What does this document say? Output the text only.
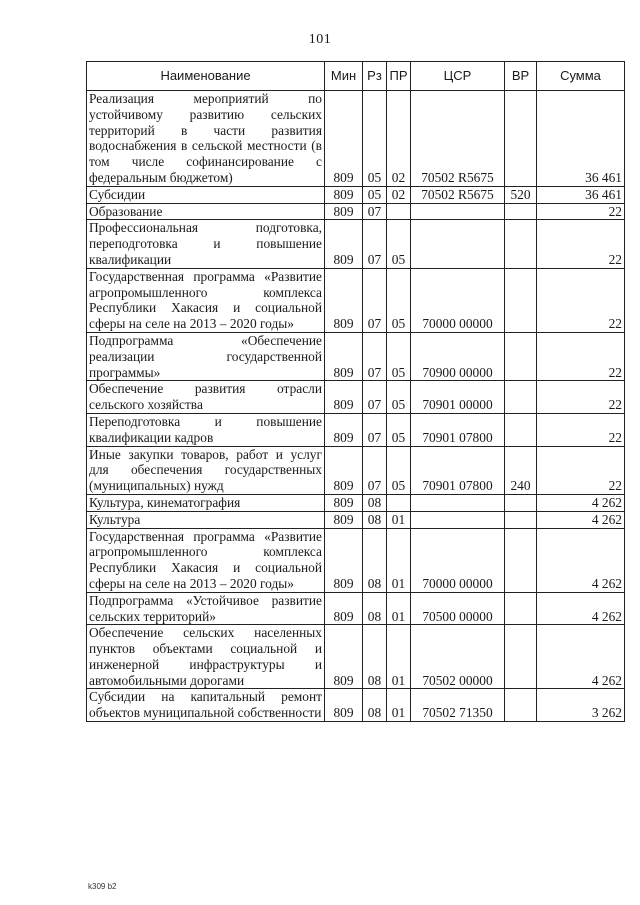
101
Наименование	Мин	Рз	ПР	ЦСР	ВР	Сумма
Реализация мероприятий по устойчивому развитию сельских территорий в части развития водоснабжения в сельской местности (в том числе софинансирование с федеральным бюджетом)	809	05	02	70502 R5675		36 461
Субсидии	809	05	02	70502 R5675	520	36 461
Образование	809	07				22
Профессиональная подготовка, переподготовка и повышение квалификации	809	07	05			22
Государственная программа «Развитие агропромышленного комплекса Республики Хакасия и социальной сферы на селе на 2013 – 2020 годы»	809	07	05	70000 00000		22
Подпрограмма «Обеспечение реализации государственной программы»	809	07	05	70900 00000		22
Обеспечение развития отрасли сельского хозяйства	809	07	05	70901 00000		22
Переподготовка и повышение квалификации кадров	809	07	05	70901 07800		22
Иные закупки товаров, работ и услуг для обеспечения государственных (муниципальных) нужд	809	07	05	70901 07800	240	22
Культура, кинематография	809	08				4 262
Культура	809	08	01			4 262
Государственная программа «Развитие агропромышленного комплекса Республики Хакасия и социальной сферы на селе на 2013 – 2020 годы»	809	08	01	70000 00000		4 262
Подпрограмма «Устойчивое развитие сельских территорий»	809	08	01	70500 00000		4 262
Обеспечение сельских населенных пунктов объектами социальной и инженерной инфраструктуры и автомобильными дорогами	809	08	01	70502 00000		4 262
Субсидии на капитальный ремонт объектов муниципальной собственности	809	08	01	70502 71350		3 262
k309 b2
